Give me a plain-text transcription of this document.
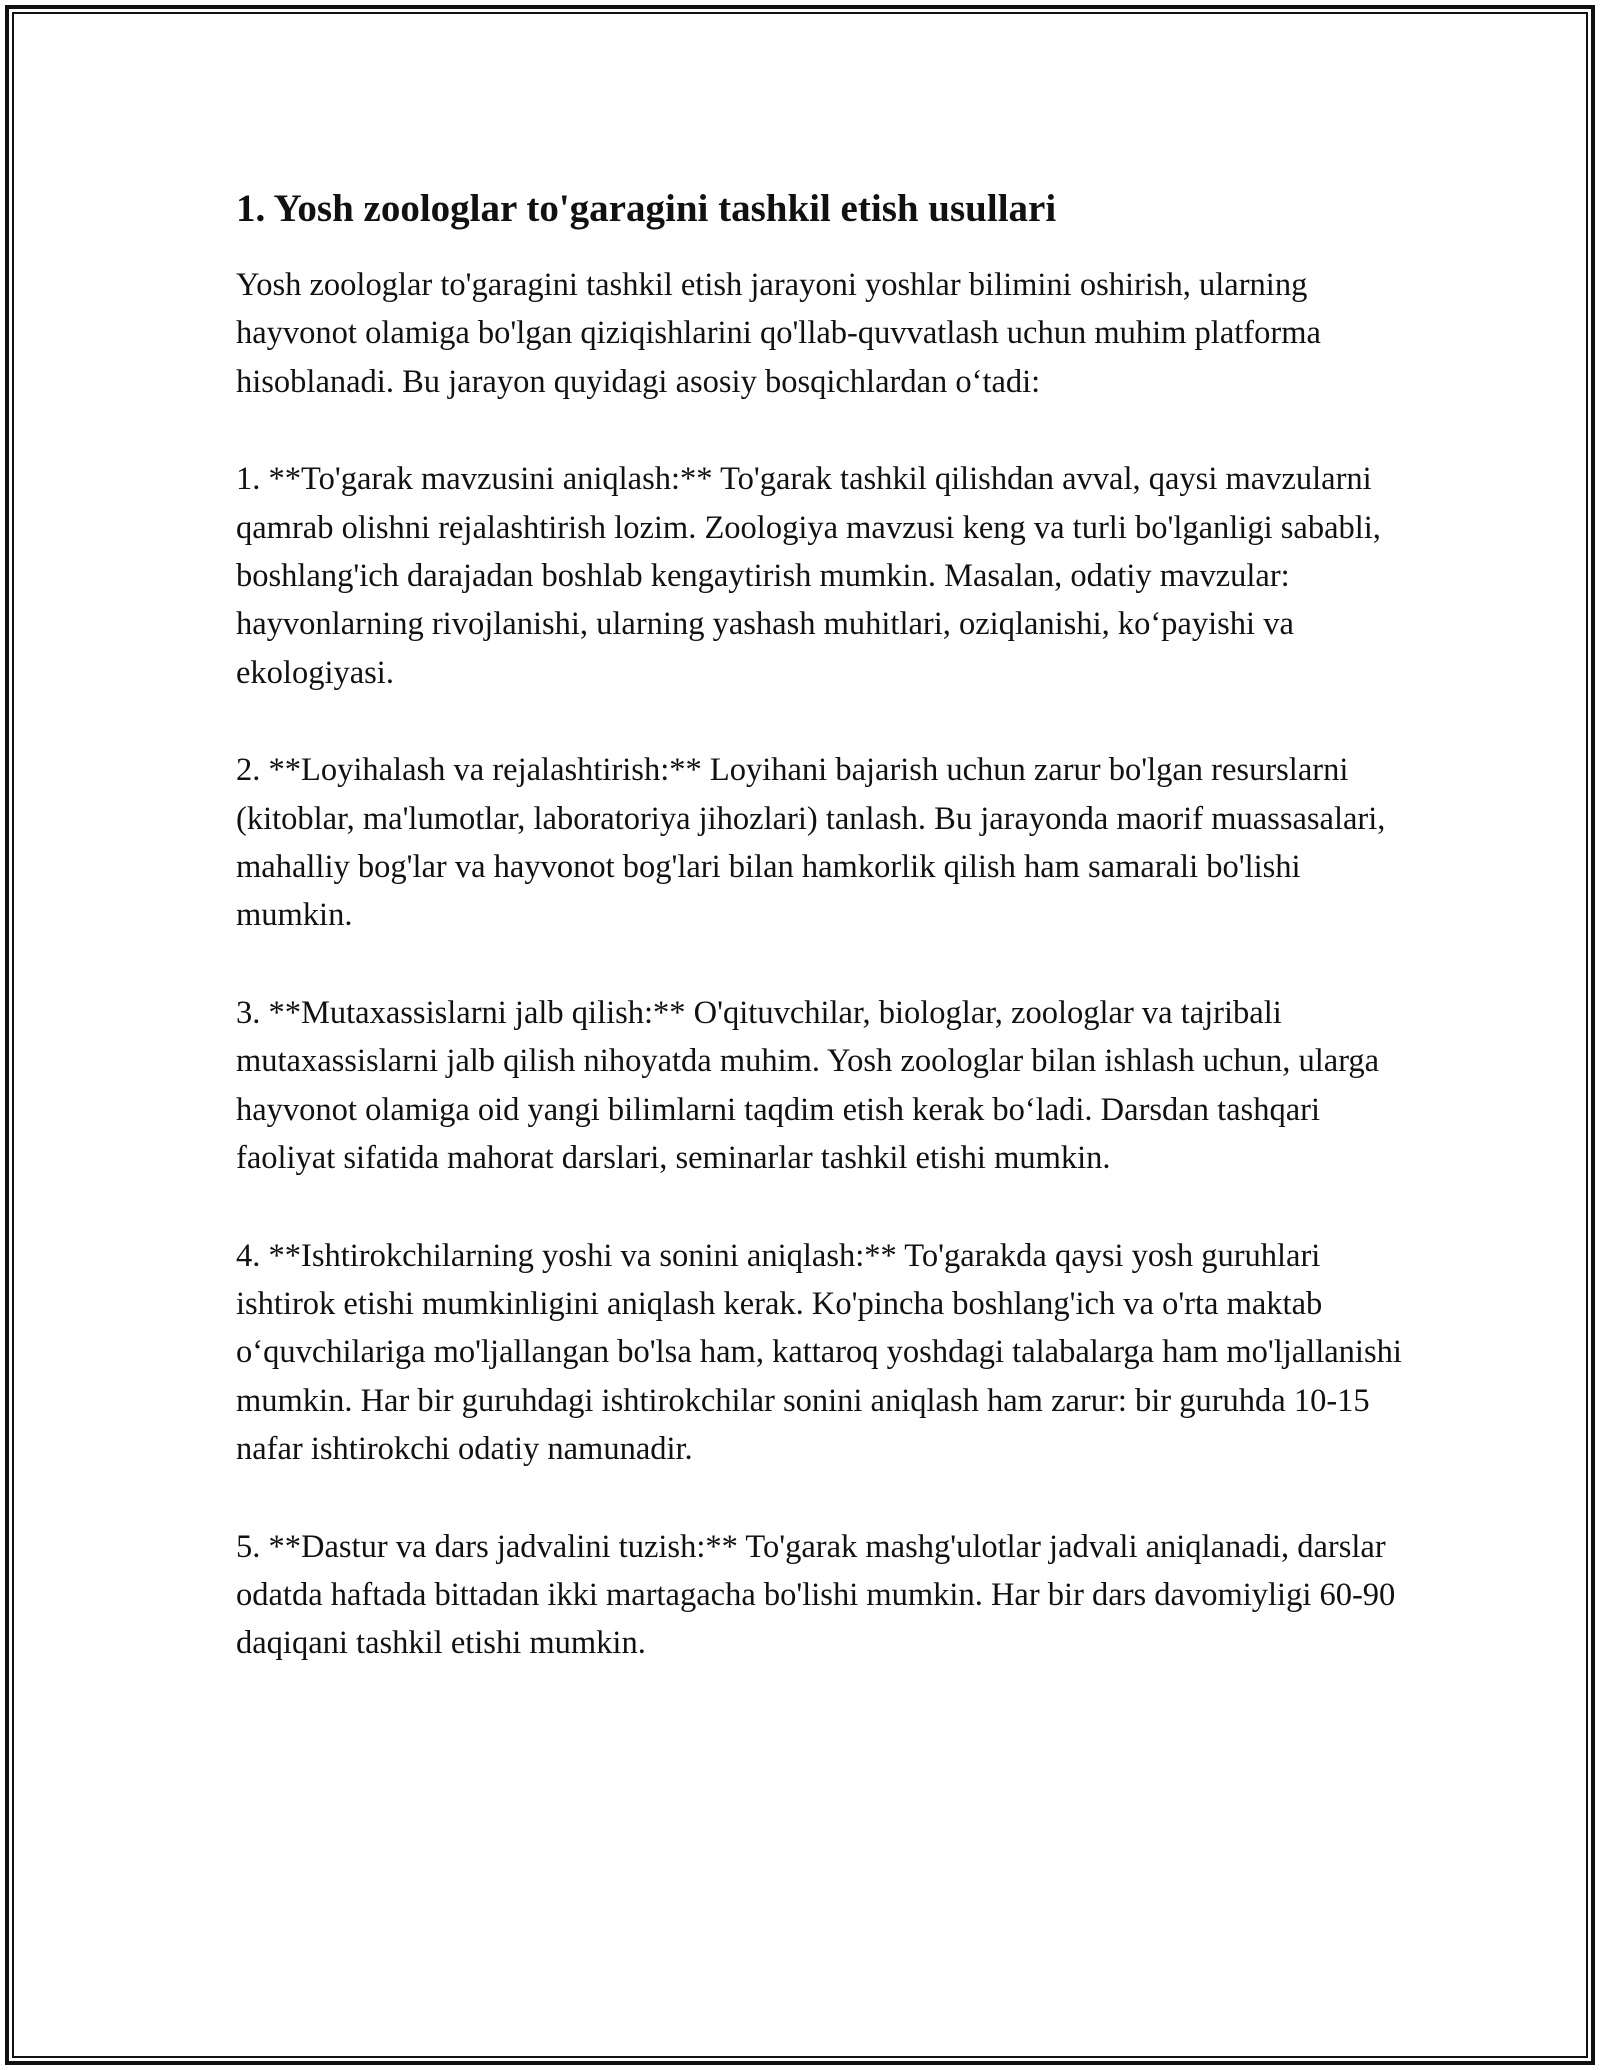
1. Yosh zoologlar to'garagini tashkil etish usullari

Yosh zoologlar to'garagini tashkil etish jarayoni yoshlar bilimini oshirish, ularning hayvonot olamiga bo'lgan qiziqishlarini qo'llab-quvvatlash uchun muhim platforma hisoblanadi. Bu jarayon quyidagi asosiy bosqichlardan o‘tadi:

1. **To'garak mavzusini aniqlash:** To'garak tashkil qilishdan avval, qaysi mavzularni qamrab olishni rejalashtirish lozim. Zoologiya mavzusi keng va turli bo'lganligi sababli, boshlang'ich darajadan boshlab kengaytirish mumkin. Masalan, odatiy mavzular: hayvonlarning rivojlanishi, ularning yashash muhitlari, oziqlanishi, ko‘payishi va ekologiyasi.

2. **Loyihalash va rejalashtirish:** Loyihani bajarish uchun zarur bo'lgan resurslarni (kitoblar, ma'lumotlar, laboratoriya jihozlari) tanlash. Bu jarayonda maorif muassasalari, mahalliy bog'lar va hayvonot bog'lari bilan hamkorlik qilish ham samarali bo'lishi mumkin.

3. **Mutaxassislarni jalb qilish:** O'qituvchilar, biologlar, zoologlar va tajribali mutaxassislarni jalb qilish nihoyatda muhim. Yosh zoologlar bilan ishlash uchun, ularga hayvonot olamiga oid yangi bilimlarni taqdim etish kerak bo‘ladi. Darsdan tashqari faoliyat sifatida mahorat darslari, seminarlar tashkil etishi mumkin.

4. **Ishtirokchilarning yoshi va sonini aniqlash:** To'garakda qaysi yosh guruhlari ishtirok etishi mumkinligini aniqlash kerak. Ko'pincha boshlang'ich va o'rta maktab o‘quvchilariga mo'ljallangan bo'lsa ham, kattaroq yoshdagi talabalarga ham mo'ljallanishi mumkin. Har bir guruhdagi ishtirokchilar sonini aniqlash ham zarur: bir guruhda 10-15 nafar ishtirokchi odatiy namunadir.

5. **Dastur va dars jadvalini tuzish:** To'garak mashg'ulotlar jadvali aniqlanadi, darslar odatda haftada bittadan ikki martagacha bo'lishi mumkin. Har bir dars davomiyligi 60-90 daqiqani tashkil etishi mumkin.
